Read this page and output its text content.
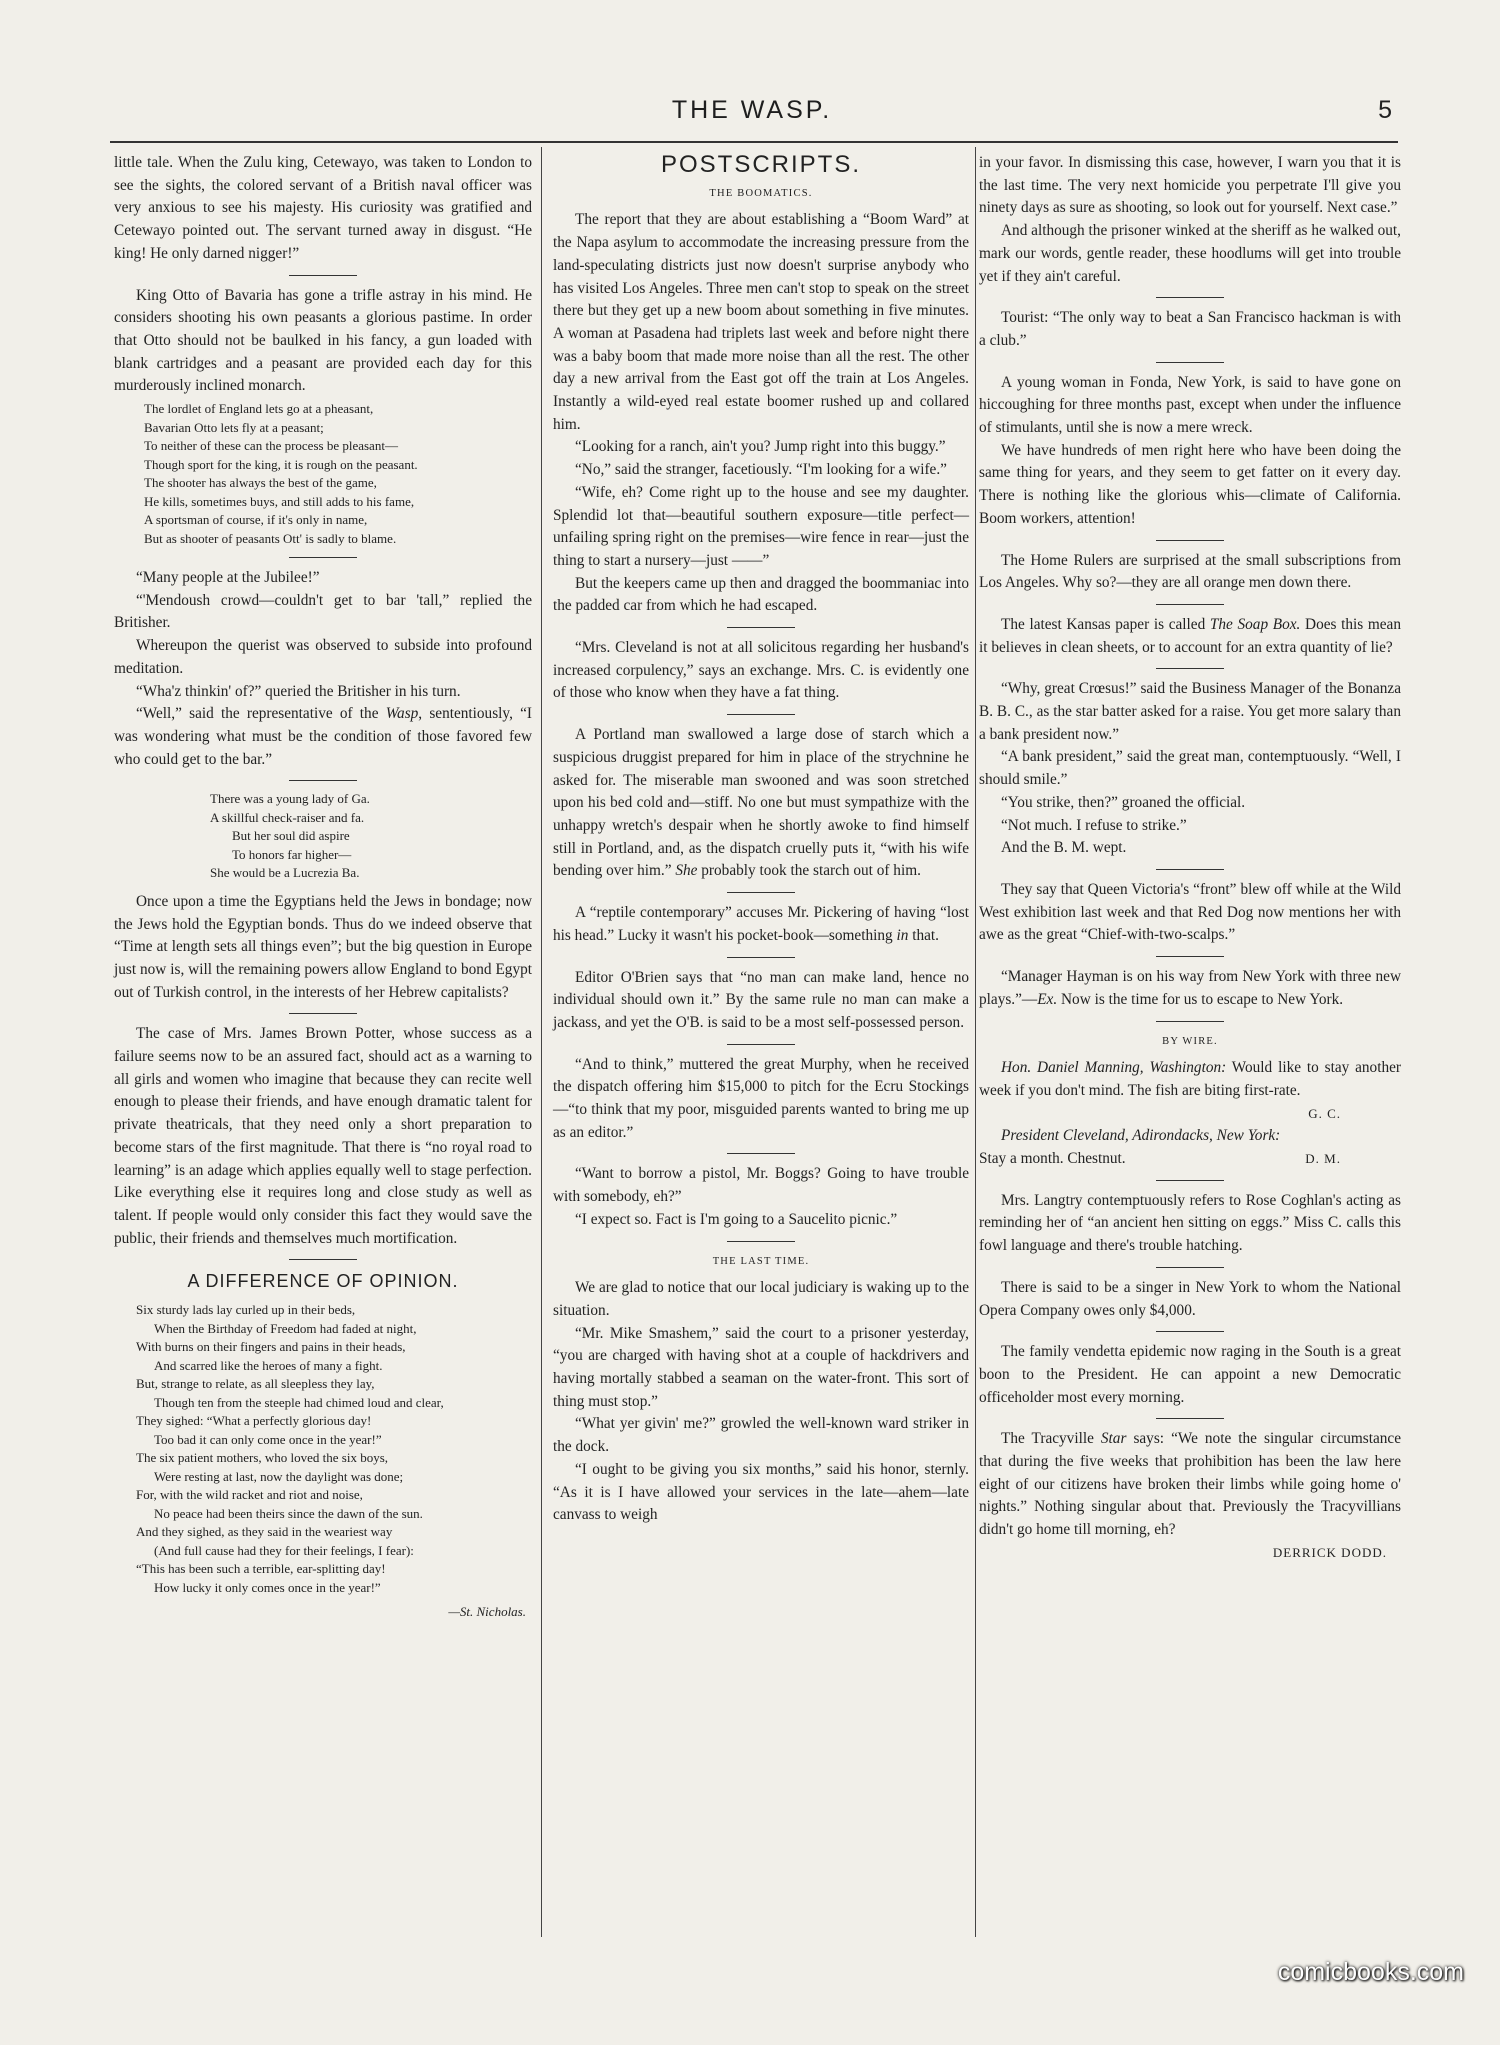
THE WASP.	5

little tale. When the Zulu king, Cetewayo, was taken to London to see the sights, the colored servant of a British naval officer was very anxious to see his majesty. His curiosity was gratified and Cetewayo pointed out. The servant turned away in disgust. “He king! He only darned nigger!”

King Otto of Bavaria has gone a trifle astray in his mind. He considers shooting his own peasants a glorious pastime. In order that Otto should not be baulked in his fancy, a gun loaded with blank cartridges and a peasant are provided each day for this murderously inclined monarch.

The lordlet of England lets go at a pheasant,
Bavarian Otto lets fly at a peasant;
To neither of these can the process be pleasant—
Though sport for the king, it is rough on the peasant.
The shooter has always the best of the game,
He kills, sometimes buys, and still adds to his fame,
A sportsman of course, if it's only in name,
But as shooter of peasants Ott' is sadly to blame.

“Many people at the Jubilee!”

“'Mendoush crowd—couldn't get to bar 'tall,” replied the Britisher.

Whereupon the querist was observed to subside into profound meditation.

“Wha'z thinkin' of?” queried the Britisher in his turn.

“Well,” said the representative of the Wasp, sententiously, “I was wondering what must be the condition of those favored few who could get to the bar.”

There was a young lady of Ga.
A skillful check-raiser and fa.
But her soul did aspire
To honors far higher—
She would be a Lucrezia Ba.

Once upon a time the Egyptians held the Jews in bondage; now the Jews hold the Egyptian bonds. Thus do we indeed observe that “Time at length sets all things even”; but the big question in Europe just now is, will the remaining powers allow England to bond Egypt out of Turkish control, in the interests of her Hebrew capitalists?

The case of Mrs. James Brown Potter, whose success as a failure seems now to be an assured fact, should act as a warning to all girls and women who imagine that because they can recite well enough to please their friends, and have enough dramatic talent for private theatricals, that they need only a short preparation to become stars of the first magnitude. That there is “no royal road to learning” is an adage which applies equally well to stage perfection. Like everything else it requires long and close study as well as talent. If people would only consider this fact they would save the public, their friends and themselves much mortification.

A DIFFERENCE OF OPINION.
Six sturdy lads lay curled up in their beds,
When the Birthday of Freedom had faded at night,
With burns on their fingers and pains in their heads,
And scarred like the heroes of many a fight.
But, strange to relate, as all sleepless they lay,
Though ten from the steeple had chimed loud and clear,
They sighed: “What a perfectly glorious day!
Too bad it can only come once in the year!”
The six patient mothers, who loved the six boys,
Were resting at last, now the daylight was done;
For, with the wild racket and riot and noise,
No peace had been theirs since the dawn of the sun.
And they sighed, as they said in the weariest way
(And full cause had they for their feelings, I fear):
“This has been such a terrible, ear-splitting day!
How lucky it only comes once in the year!”
—St. Nicholas.
POSTSCRIPTS.
THE BOOMATICS.

The report that they are about establishing a “Boom Ward” at the Napa asylum to accommodate the increasing pressure from the land-speculating districts just now doesn't surprise anybody who has visited Los Angeles. Three men can't stop to speak on the street there but they get up a new boom about something in five minutes. A woman at Pasadena had triplets last week and before night there was a baby boom that made more noise than all the rest. The other day a new arrival from the East got off the train at Los Angeles. Instantly a wild-eyed real estate boomer rushed up and collared him.

“Looking for a ranch, ain't you? Jump right into this buggy.”

“No,” said the stranger, facetiously. “I'm looking for a wife.”

“Wife, eh? Come right up to the house and see my daughter. Splendid lot that—beautiful southern exposure—title perfect—unfailing spring right on the premises—wire fence in rear—just the thing to start a nursery—just ——”

But the keepers came up then and dragged the boommaniac into the padded car from which he had escaped.

“Mrs. Cleveland is not at all solicitous regarding her husband's increased corpulency,” says an exchange. Mrs. C. is evidently one of those who know when they have a fat thing.

A Portland man swallowed a large dose of starch which a suspicious druggist prepared for him in place of the strychnine he asked for. The miserable man swooned and was soon stretched upon his bed cold and—stiff. No one but must sympathize with the unhappy wretch's despair when he shortly awoke to find himself still in Portland, and, as the dispatch cruelly puts it, “with his wife bending over him.” She probably took the starch out of him.

A “reptile contemporary” accuses Mr. Pickering of having “lost his head.” Lucky it wasn't his pocket-book—something in that.

Editor O'Brien says that “no man can make land, hence no individual should own it.” By the same rule no man can make a jackass, and yet the O'B. is said to be a most self-possessed person.

“And to think,” muttered the great Murphy, when he received the dispatch offering him $15,000 to pitch for the Ecru Stockings—“to think that my poor, misguided parents wanted to bring me up as an editor.”

“Want to borrow a pistol, Mr. Boggs? Going to have trouble with somebody, eh?”

“I expect so. Fact is I'm going to a Saucelito picnic.”

THE LAST TIME.

We are glad to notice that our local judiciary is waking up to the situation.

“Mr. Mike Smashem,” said the court to a prisoner yesterday, “you are charged with having shot at a couple of hackdrivers and having mortally stabbed a seaman on the water-front. This sort of thing must stop.”

“What yer givin' me?” growled the well-known ward striker in the dock.

“I ought to be giving you six months,” said his honor, sternly. “As it is I have allowed your services in the late—ahem—late canvass to weigh

in your favor. In dismissing this case, however, I warn you that it is the last time. The very next homicide you perpetrate I'll give you ninety days as sure as shooting, so look out for yourself. Next case.”

And although the prisoner winked at the sheriff as he walked out, mark our words, gentle reader, these hoodlums will get into trouble yet if they ain't careful.

Tourist: “The only way to beat a San Francisco hackman is with a club.”

A young woman in Fonda, New York, is said to have gone on hiccoughing for three months past, except when under the influence of stimulants, until she is now a mere wreck.

We have hundreds of men right here who have been doing the same thing for years, and they seem to get fatter on it every day. There is nothing like the glorious whis—climate of California. Boom workers, attention!

The Home Rulers are surprised at the small subscriptions from Los Angeles. Why so?—they are all orange men down there.

The latest Kansas paper is called The Soap Box. Does this mean it believes in clean sheets, or to account for an extra quantity of lie?

“Why, great Crœsus!” said the Business Manager of the Bonanza B. B. C., as the star batter asked for a raise. You get more salary than a bank president now.”

“A bank president,” said the great man, contemptuously. “Well, I should smile.”

“You strike, then?” groaned the official.

“Not much. I refuse to strike.”

And the B. M. wept.

They say that Queen Victoria's “front” blew off while at the Wild West exhibition last week and that Red Dog now mentions her with awe as the great “Chief-with-two-scalps.”

“Manager Hayman is on his way from New York with three new plays.”—Ex. Now is the time for us to escape to New York.

BY WIRE.

Hon. Daniel Manning, Washington: Would like to stay another week if you don't mind. The fish are biting first-rate.

G. C.

President Cleveland, Adirondacks, New York:

Stay a month. Chestnut.	D. M.

Mrs. Langtry contemptuously refers to Rose Coghlan's acting as reminding her of “an ancient hen sitting on eggs.” Miss C. calls this fowl language and there's trouble hatching.

There is said to be a singer in New York to whom the National Opera Company owes only $4,000.

The family vendetta epidemic now raging in the South is a great boon to the President. He can appoint a new Democratic officeholder most every morning.

The Tracyville Star says: “We note the singular circumstance that during the five weeks that prohibition has been the law here eight of our citizens have broken their limbs while going home o' nights.” Nothing singular about that. Previously the Tracyvillians didn't go home till morning, eh?

DERRICK DODD.
comicbooks.com
